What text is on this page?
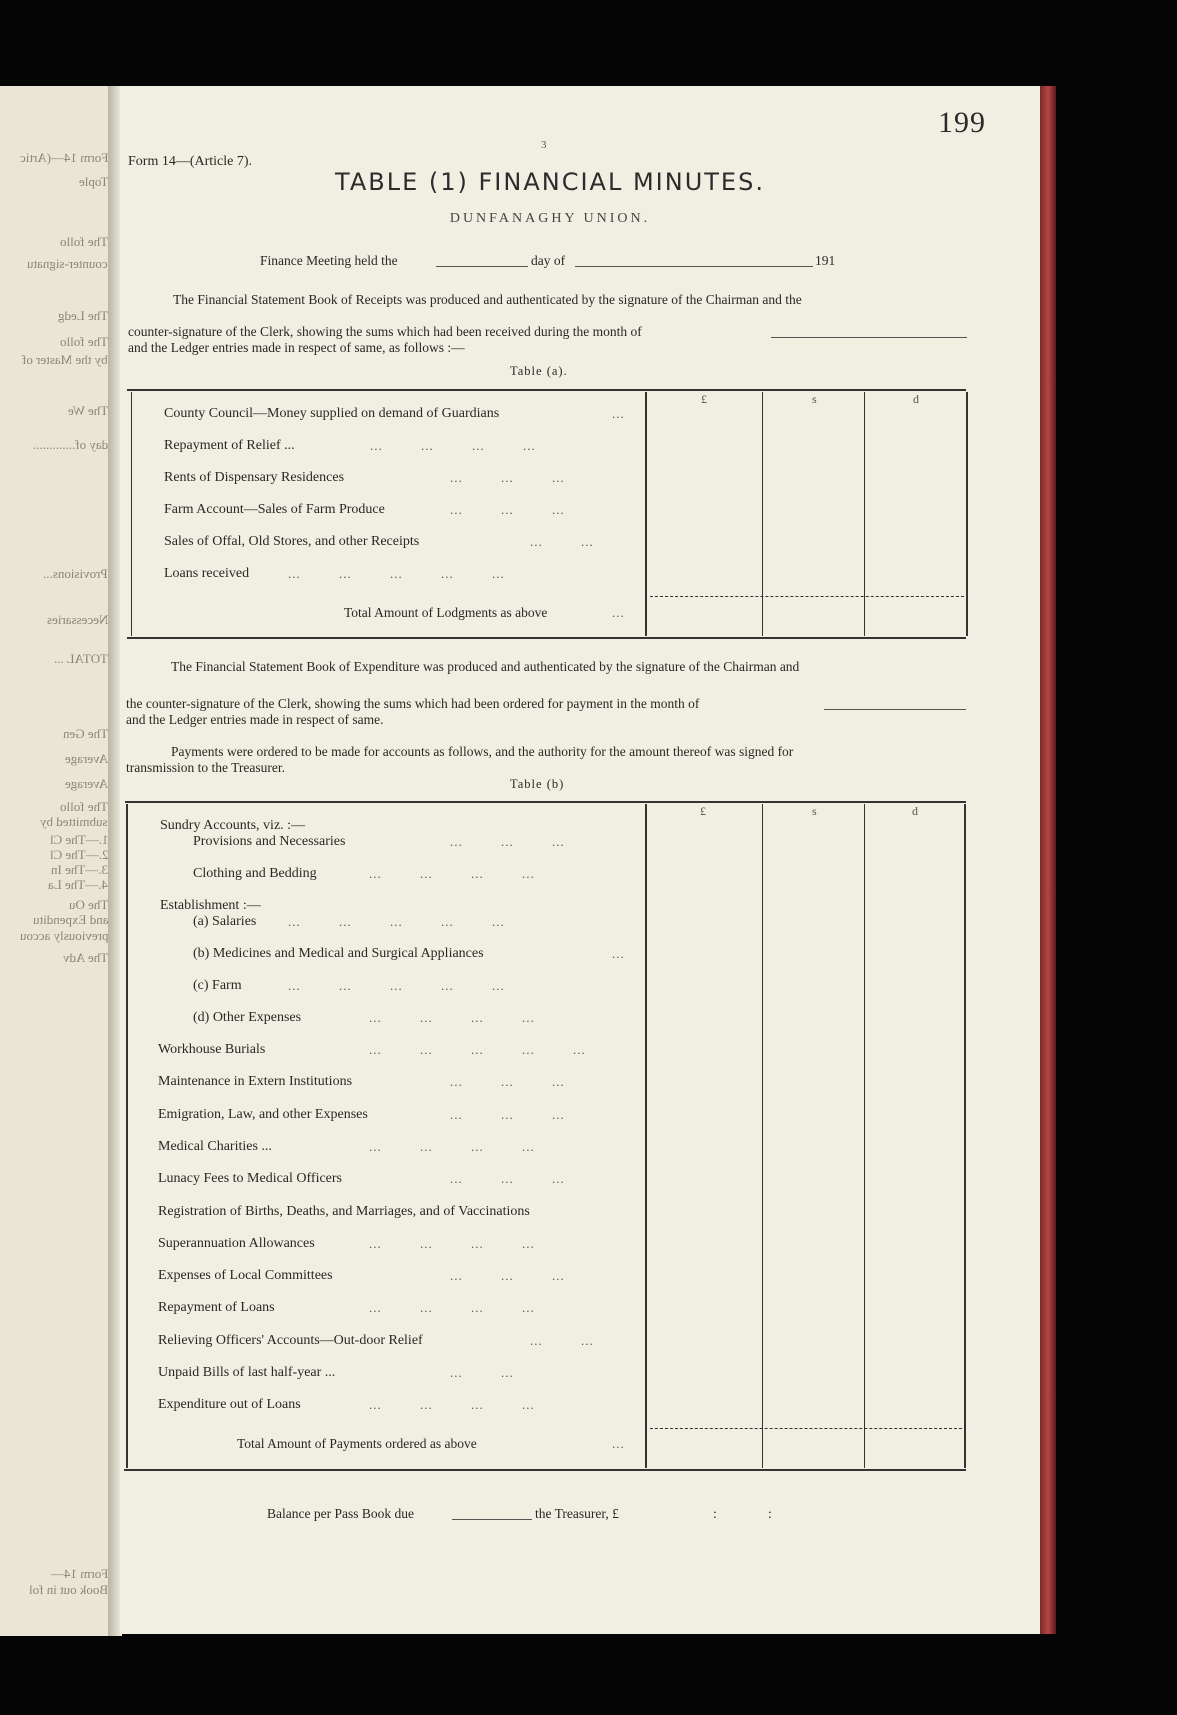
Form 14—(Artic
Tople
The follo
counter-signatu
The Ledg
The follo
by the Master of
The We
day of.............
Provisions...
Necessaries
TOTAL ...
The Gen
Average
Average
The follo
submitted by
1.—The Cl
2.—The Cl
3.—The In
4.—The La
The Ou
and Expenditu
previously accou
The Adv
Form 14—
Book out in fol
199
3
Form 14—(Article 7).
TABLE (1) FINANCIAL MINUTES.
DUNFANAGHY UNION.
Finance Meeting held the	day of	191
The Financial Statement Book of Receipts was produced and authenticated by the signature of the Chairman and the
counter-signature of the Clerk, showing the sums which had been received during the month of
and the Ledger entries made in respect of same, as follows :—
Table (a).
£	s	d
County Council—Money supplied on demand of Guardians	...
Repayment of Relief ...	...         ...         ...         ...
Rents of Dispensary Residences	...         ...         ...
Farm Account—Sales of Farm Produce	...         ...         ...
Sales of Offal, Old Stores, and other Receipts	...         ...
Loans received	...         ...         ...         ...         ...
Total Amount of Lodgments as above	...
The Financial Statement Book of Expenditure was produced and authenticated by the signature of the Chairman and
the counter-signature of the Clerk, showing the sums which had been ordered for payment in the month of
and the Ledger entries made in respect of same.
Payments were ordered to be made for accounts as follows, and the authority for the amount thereof was signed for
transmission to the Treasurer.
Table (b)
£	s	d
Sundry Accounts, viz. :—
Provisions and Necessaries	...         ...         ...
Clothing and Bedding	...         ...         ...         ...
Establishment :—
(a) Salaries ...         ...         ...         ...         ...
(b) Medicines and Medical and Surgical Appliances	...
(c) Farm	...         ...         ...         ...         ...
(d) Other Expenses	...         ...         ...         ...
Workhouse Burials	...         ...         ...         ...         ...
Maintenance in Extern Institutions	...         ...         ...
Emigration, Law, and other Expenses	...         ...         ...
Medical Charities ...	...         ...         ...         ...
Lunacy Fees to Medical Officers	...         ...         ...
Registration of Births, Deaths, and Marriages, and of Vaccinations
Superannuation Allowances	...         ...         ...         ...
Expenses of Local Committees	...         ...         ...
Repayment of Loans	...         ...         ...         ...
Relieving Officers' Accounts—Out-door Relief	...         ...
Unpaid Bills of last half-year ...	...         ...
Expenditure out of Loans	...         ...         ...         ...
Total Amount of Payments ordered as above	...
Balance per Pass Book due	the Treasurer, £	:	:
